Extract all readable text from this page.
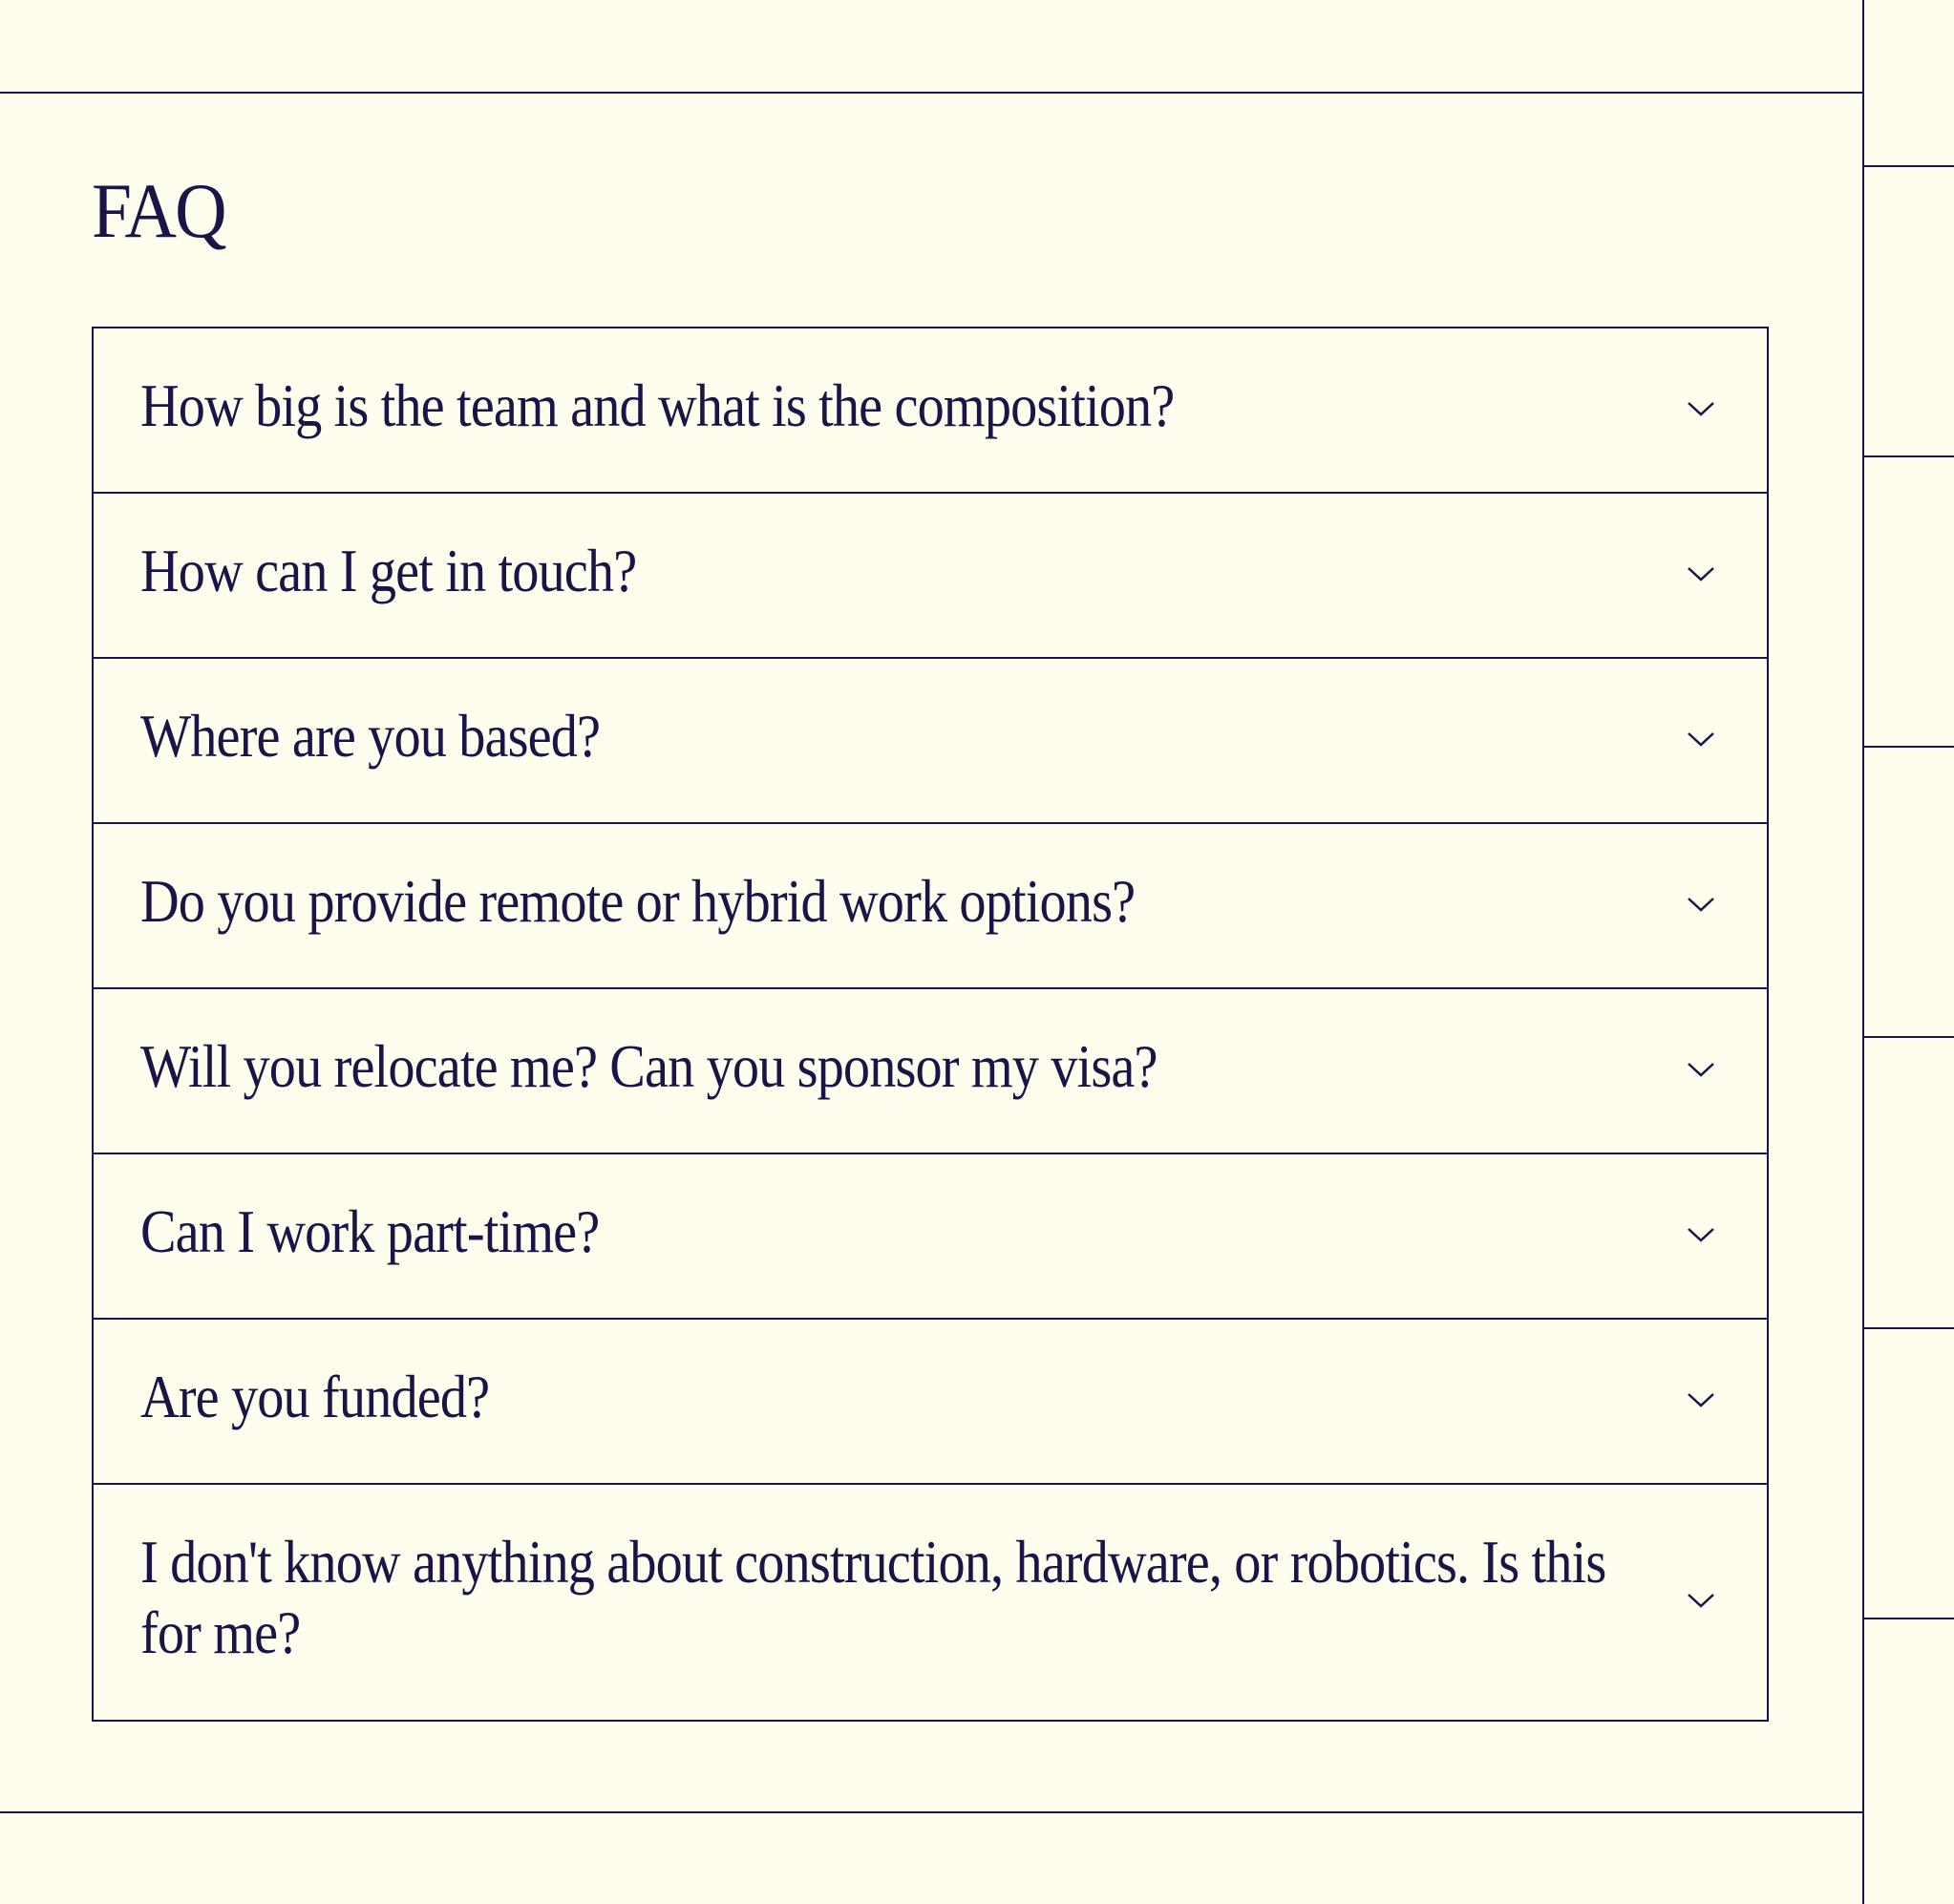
FAQ
How big is the team and what is the composition?
How can I get in touch?
Where are you based?
Do you provide remote or hybrid work options?
Will you relocate me? Can you sponsor my visa?
Can I work part-time?
Are you funded?
I don't know anything about construction, hardware, or robotics. Is this for me?
